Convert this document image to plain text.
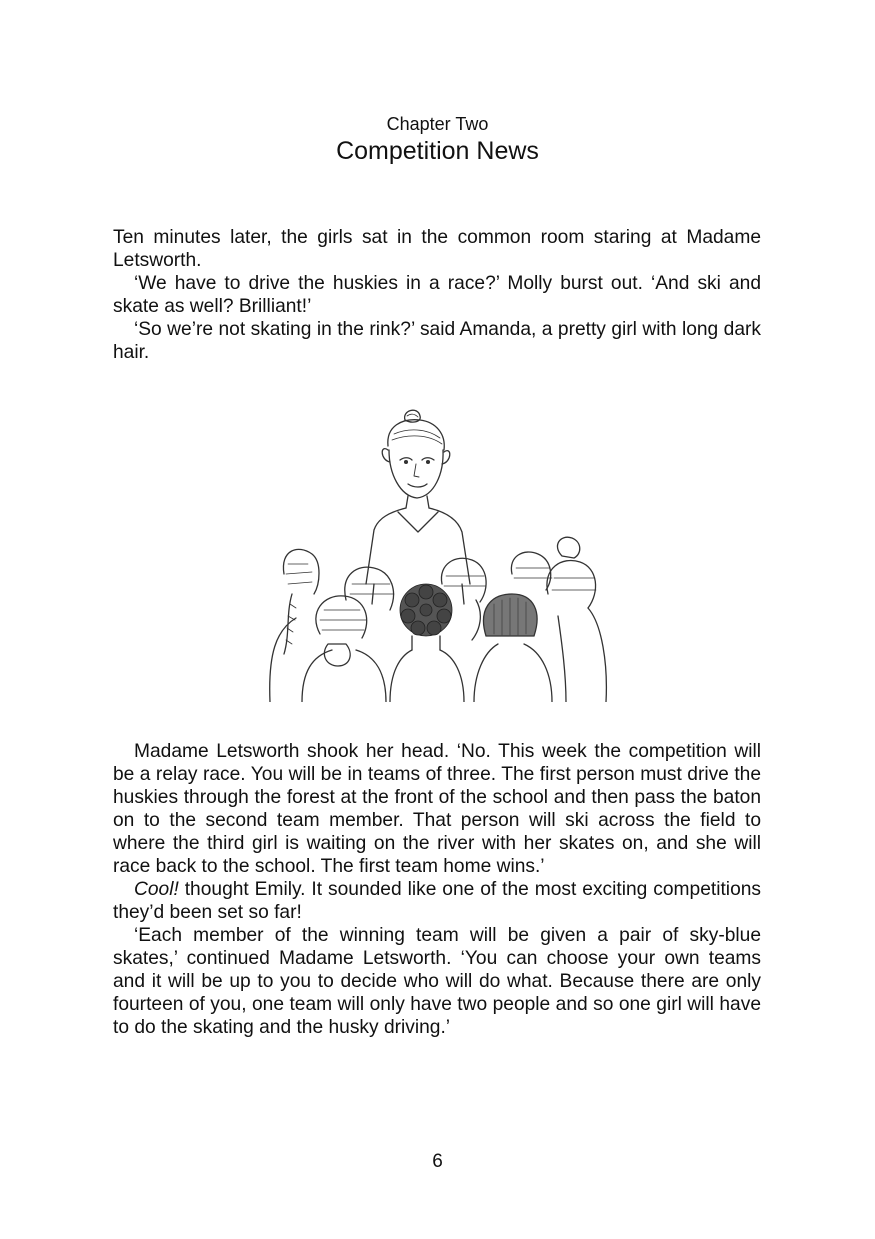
Chapter Two
Competition News

Ten minutes later, the girls sat in the common room staring at Madame Letsworth.

‘We have to drive the huskies in a race?’ Molly burst out. ‘And ski and skate as well? Brilliant!’

‘So we’re not skating in the rink?’ said Amanda, a pretty girl with long dark hair.

Madame Letsworth shook her head. ‘No. This week the competition will be a relay race. You will be in teams of three. The first person must drive the huskies through the forest at the front of the school and then pass the baton on to the second team member. That person will ski across the field to where the third girl is waiting on the river with her skates on, and she will race back to the school. The first team home wins.’

Cool! thought Emily. It sounded like one of the most exciting competitions they’d been set so far!

‘Each member of the winning team will be given a pair of sky-blue skates,’ continued Madame Letsworth. ‘You can choose your own teams and it will be up to you to decide who will do what. Because there are only fourteen of you, one team will only have two people and so one girl will have to do the skating and the husky driving.’

6
